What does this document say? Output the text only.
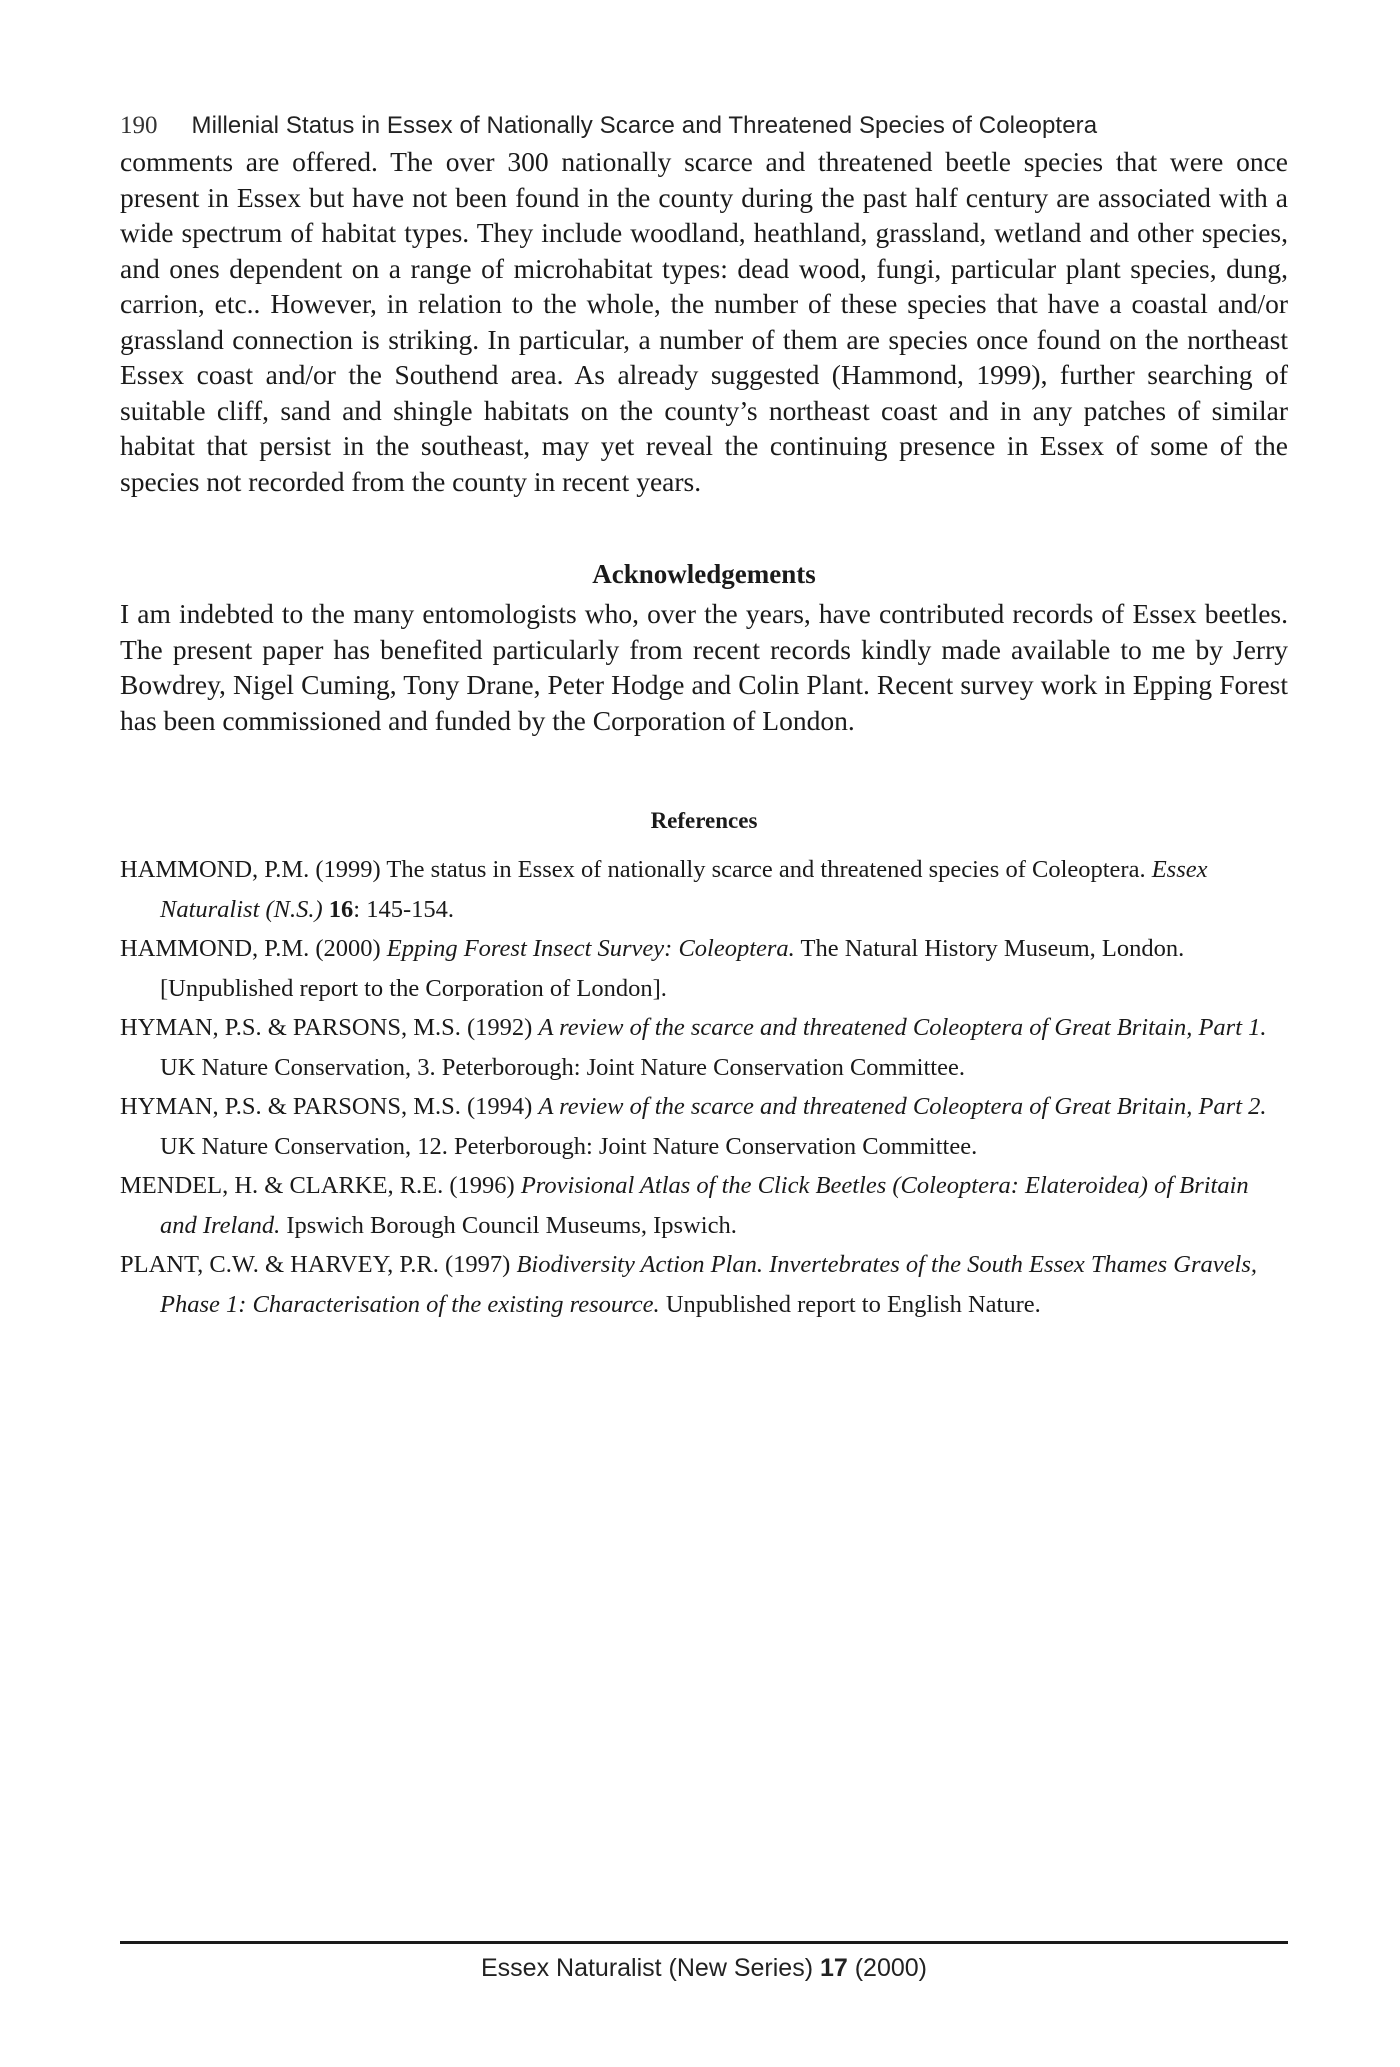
190 Millenial Status in Essex of Nationally Scarce and Threatened Species of Coleoptera

comments are offered. The over 300 nationally scarce and threatened beetle species that were once present in Essex but have not been found in the county during the past half century are associated with a wide spectrum of habitat types. They include woodland, heathland, grassland, wetland and other species, and ones dependent on a range of microhabitat types: dead wood, fungi, particular plant species, dung, carrion, etc.. However, in relation to the whole, the number of these species that have a coastal and/or grassland connection is striking. In particular, a number of them are species once found on the northeast Essex coast and/or the Southend area. As already suggested (Hammond, 1999), further searching of suitable cliff, sand and shingle habitats on the county’s northeast coast and in any patches of similar habitat that persist in the southeast, may yet reveal the continuing presence in Essex of some of the species not recorded from the county in recent years.

Acknowledgements

I am indebted to the many entomologists who, over the years, have contributed records of Essex beetles. The present paper has benefited particularly from recent records kindly made available to me by Jerry Bowdrey, Nigel Cuming, Tony Drane, Peter Hodge and Colin Plant. Recent survey work in Epping Forest has been commissioned and funded by the Corporation of London.

References
HAMMOND, P.M. (1999) The status in Essex of nationally scarce and threatened species of Coleoptera. Essex Naturalist (N.S.) 16: 145-154.
HAMMOND, P.M. (2000) Epping Forest Insect Survey: Coleoptera. The Natural History Museum, London. [Unpublished report to the Corporation of London].
HYMAN, P.S. & PARSONS, M.S. (1992) A review of the scarce and threatened Coleoptera of Great Britain, Part 1. UK Nature Conservation, 3. Peterborough: Joint Nature Conservation Committee.
HYMAN, P.S. & PARSONS, M.S. (1994) A review of the scarce and threatened Coleoptera of Great Britain, Part 2. UK Nature Conservation, 12. Peterborough: Joint Nature Conservation Committee.
MENDEL, H. & CLARKE, R.E. (1996) Provisional Atlas of the Click Beetles (Coleoptera: Elateroidea) of Britain and Ireland. Ipswich Borough Council Museums, Ipswich.
PLANT, C.W. & HARVEY, P.R. (1997) Biodiversity Action Plan. Invertebrates of the South Essex Thames Gravels, Phase 1: Characterisation of the existing resource. Unpublished report to English Nature.
Essex Naturalist (New Series) 17 (2000)
